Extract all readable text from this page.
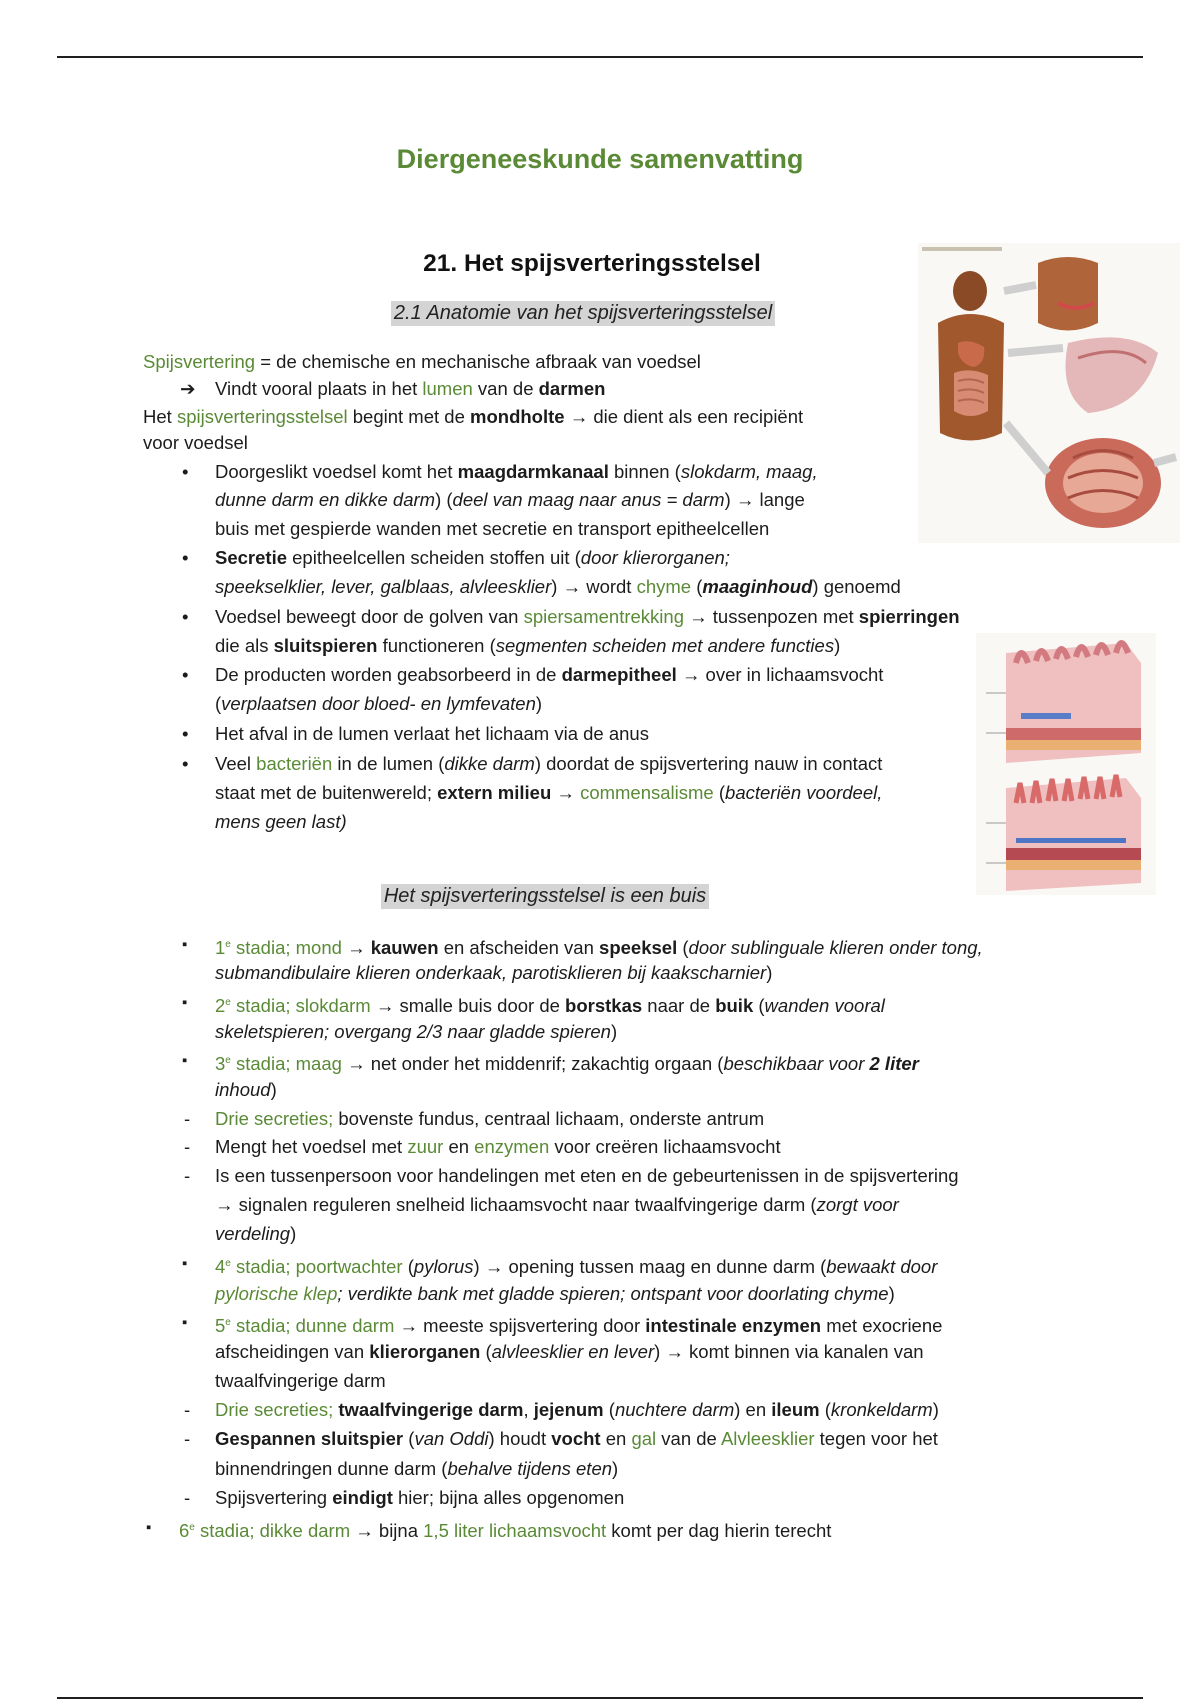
Diergeneeskunde samenvatting
21. Het spijsverteringsstelsel
2.1 Anatomie van het spijsverteringsstelsel
Spijsvertering = de chemische en mechanische afbraak van voedsel
➔ Vindt vooral plaats in het lumen van de darmen
Het spijsverteringsstelsel begint met de mondholte → die dient als een recipiënt
voor voedsel
• Doorgeslikt voedsel komt het maagdarmkanaal binnen (slokdarm, maag,
dunne darm en dikke darm) (deel van maag naar anus = darm) → lange
buis met gespierde wanden met secretie en transport epitheelcellen
• Secretie epitheelcellen scheiden stoffen uit (door klierorganen;
speekselklier, lever, galblaas, alvleesklier) → wordt chyme (maaginhoud) genoemd
• Voedsel beweegt door de golven van spiersamentrekking → tussenpozen met spierringen
die als sluitspieren functioneren (segmenten scheiden met andere functies)
• De producten worden geabsorbeerd in de darmepitheel → over in lichaamsvocht
(verplaatsen door bloed- en lymfevaten)
• Het afval in de lumen verlaat het lichaam via de anus
• Veel bacteriën in de lumen (dikke darm) doordat de spijsvertering nauw in contact
staat met de buitenwereld; extern milieu → commensalisme (bacteriën voordeel,
mens geen last)
Het spijsverteringsstelsel is een buis
▪ 1e stadia; mond → kauwen en afscheiden van speeksel (door sublinguale klieren onder tong,
submandibulaire klieren onderkaak, parotisklieren bij kaakscharnier)
▪ 2e stadia; slokdarm → smalle buis door de borstkas naar de buik (wanden vooral
skeletspieren; overgang 2/3 naar gladde spieren)
▪ 3e stadia; maag → net onder het middenrif; zakachtig orgaan (beschikbaar voor 2 liter
inhoud)
- Drie secreties; bovenste fundus, centraal lichaam, onderste antrum
- Mengt het voedsel met zuur en enzymen voor creëren lichaamsvocht
- Is een tussenpersoon voor handelingen met eten en de gebeurtenissen in de spijsvertering
→ signalen reguleren snelheid lichaamsvocht naar twaalfvingerige darm (zorgt voor
verdeling)
▪ 4e stadia; poortwachter (pylorus) → opening tussen maag en dunne darm (bewaakt door
pylorische klep; verdikte bank met gladde spieren; ontspant voor doorlating chyme)
▪ 5e stadia; dunne darm → meeste spijsvertering door intestinale enzymen met exocriene
afscheidingen van klierorganen (alvleesklier en lever) → komt binnen via kanalen van
twaalfvingerige darm
- Drie secreties; twaalfvingerige darm, jejenum (nuchtere darm) en ileum (kronkeldarm)
- Gespannen sluitspier (van Oddi) houdt vocht en gal van de Alvleesklier tegen voor het
binnendringen dunne darm (behalve tijdens eten)
- Spijsvertering eindigt hier; bijna alles opgenomen
▪ 6e stadia; dikke darm → bijna 1,5 liter lichaamsvocht komt per dag hierin terecht
